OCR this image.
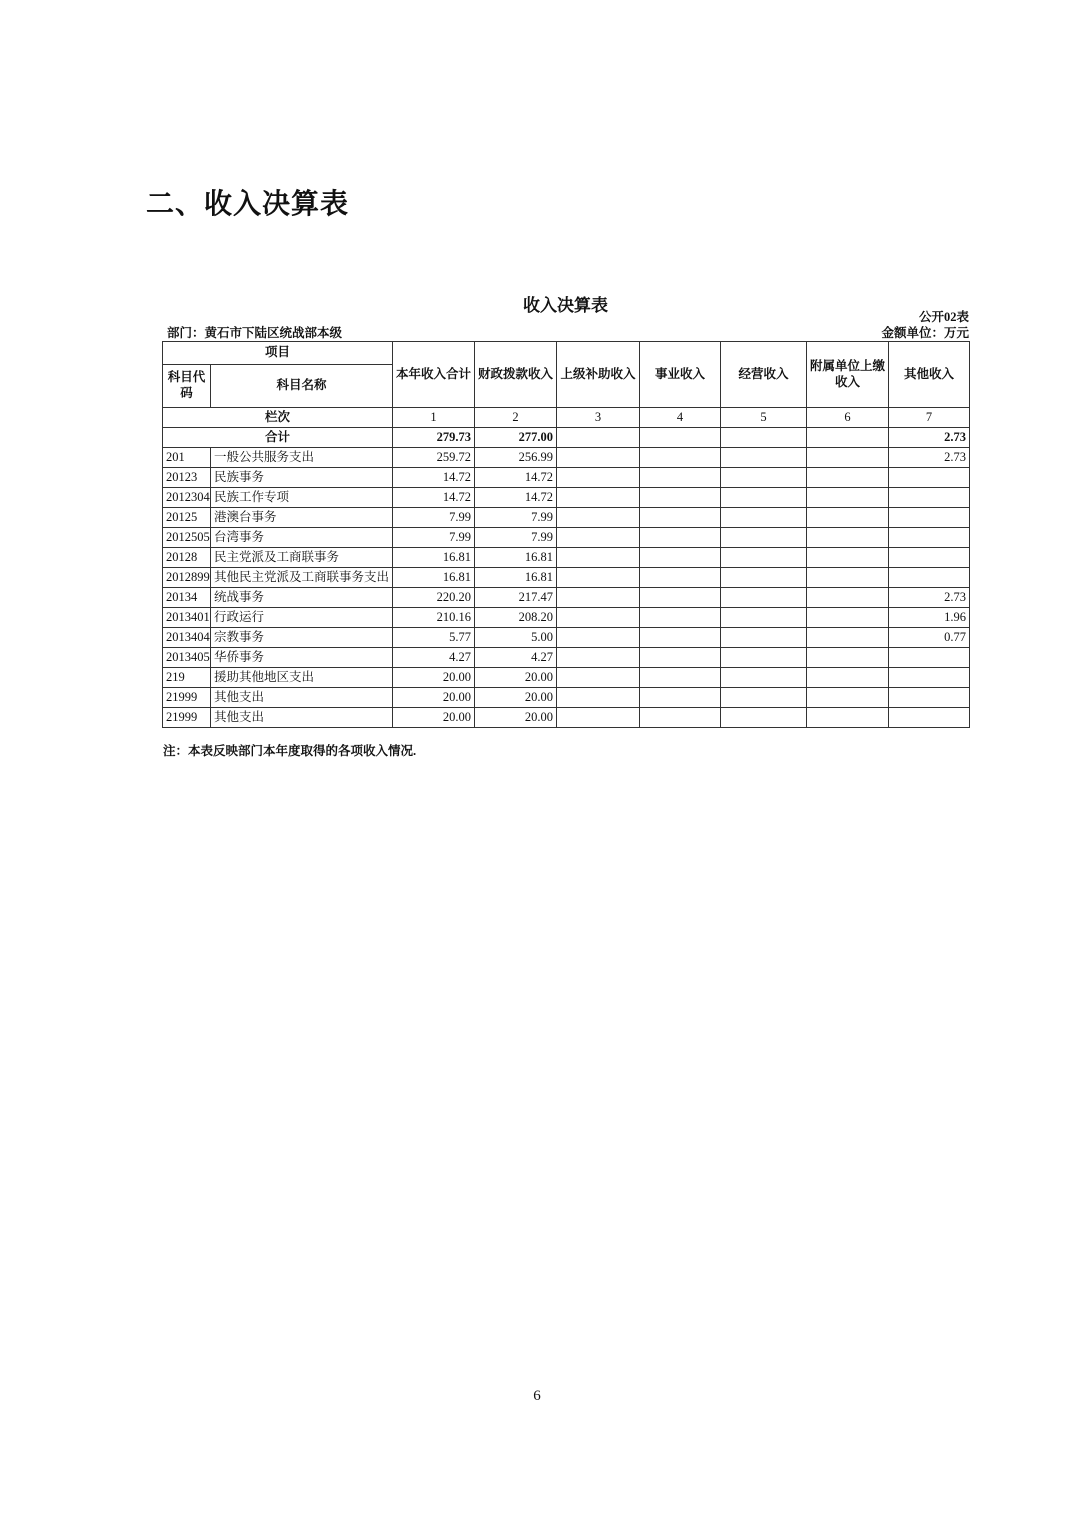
二、收入决算表
收入决算表
公开02表
部门：黄石市下陆区统战部本级	金额单位：万元
项目		本年收入合计	财政拨款收入	上级补助收入	事业收入	经营收入	附属单位上缴收入	其他收入
科目代码	科目名称							
栏次		1	2	3	4	5	6	7
合计		279.73	277.00					2.73
201	一般公共服务支出	259.72	256.99					2.73
20123	民族事务	14.72	14.72					
2012304	民族工作专项	14.72	14.72					
20125	港澳台事务	7.99	7.99					
2012505	台湾事务	7.99	7.99					
20128	民主党派及工商联事务	16.81	16.81					
2012899	其他民主党派及工商联事务支出	16.81	16.81					
20134	统战事务	220.20	217.47					2.73
2013401	行政运行	210.16	208.20					1.96
2013404	宗教事务	5.77	5.00					0.77
2013405	华侨事务	4.27	4.27					
219	援助其他地区支出	20.00	20.00					
21999	其他支出	20.00	20.00					
21999	其他支出	20.00	20.00					
注：本表反映部门本年度取得的各项收入情况.
6
